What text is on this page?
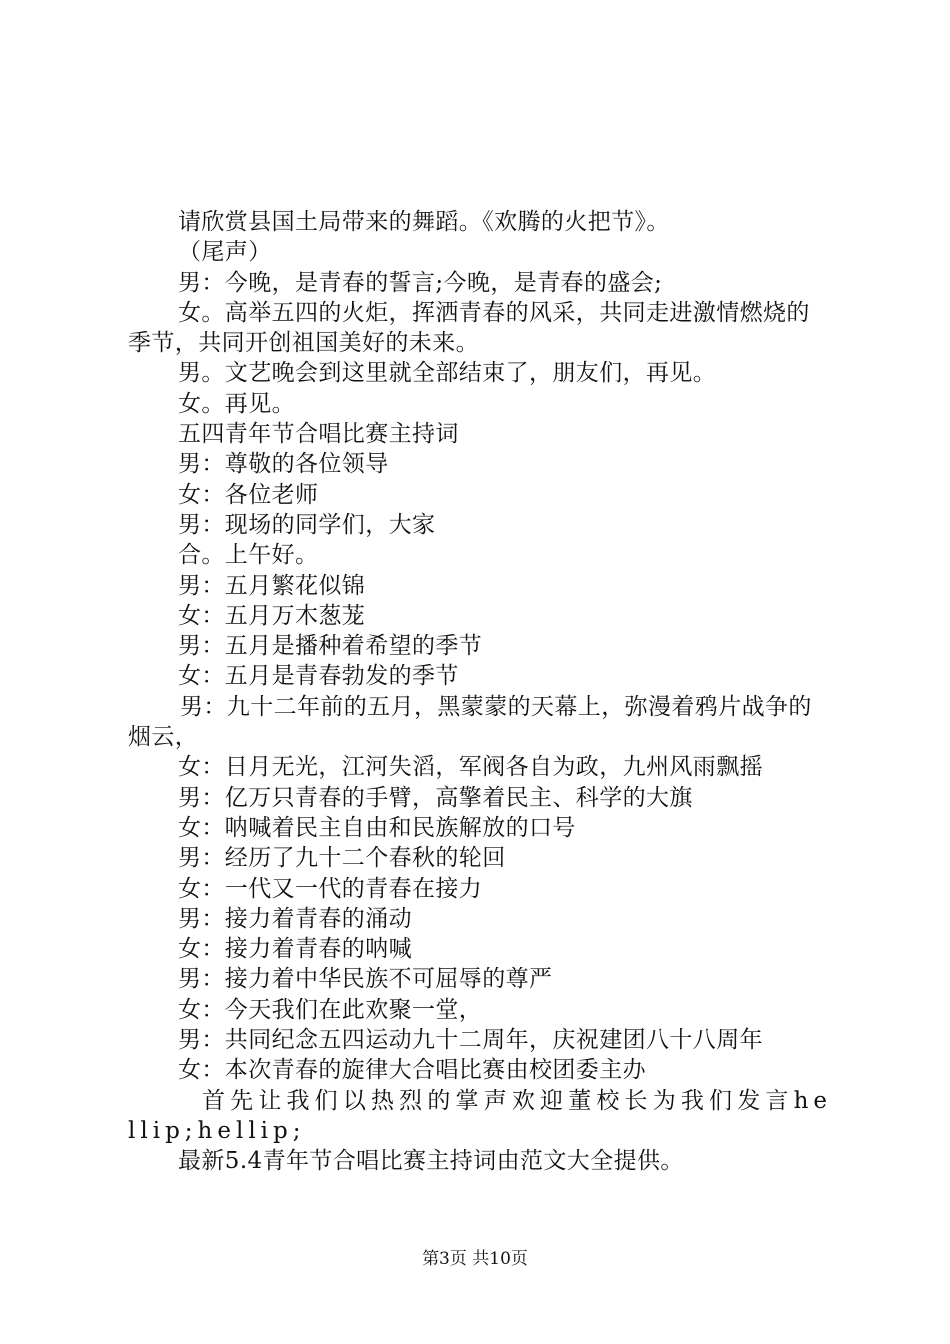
请欣赏县国土局带来的舞蹈。《欢腾的火把节》。

（尾声）

男：今晚，是青春的誓言;今晚，是青春的盛会;

女。高举五四的火炬，挥洒青春的风采，共同走进激情燃烧的季节，共同开创祖国美好的未来。

男。文艺晚会到这里就全部结束了，朋友们，再见。

女。再见。

五四青年节合唱比赛主持词

男：尊敬的各位领导

女：各位老师

男：现场的同学们，大家

合。上午好。

男：五月繁花似锦

女：五月万木葱茏

男：五月是播种着希望的季节

女：五月是青春勃发的季节

男：九十二年前的五月，黑蒙蒙的天幕上，弥漫着鸦片战争的烟云，

女：日月无光，江河失滔，军阀各自为政，九州风雨飘摇

男：亿万只青春的手臂，高擎着民主、科学的大旗

女：呐喊着民主自由和民族解放的口号

男：经历了九十二个春秋的轮回

女：一代又一代的青春在接力

男：接力着青春的涌动

女：接力着青春的呐喊

男：接力着中华民族不可屈辱的尊严

女：今天我们在此欢聚一堂，

男：共同纪念五四运动九十二周年，庆祝建团八十八周年

女：本次青春的旋律大合唱比赛由校团委主办

首先让我们以热烈的掌声欢迎董校长为我们发言hellip;hellip;

最新5.4青年节合唱比赛主持词由范文大全提供。

第3页 共10页
